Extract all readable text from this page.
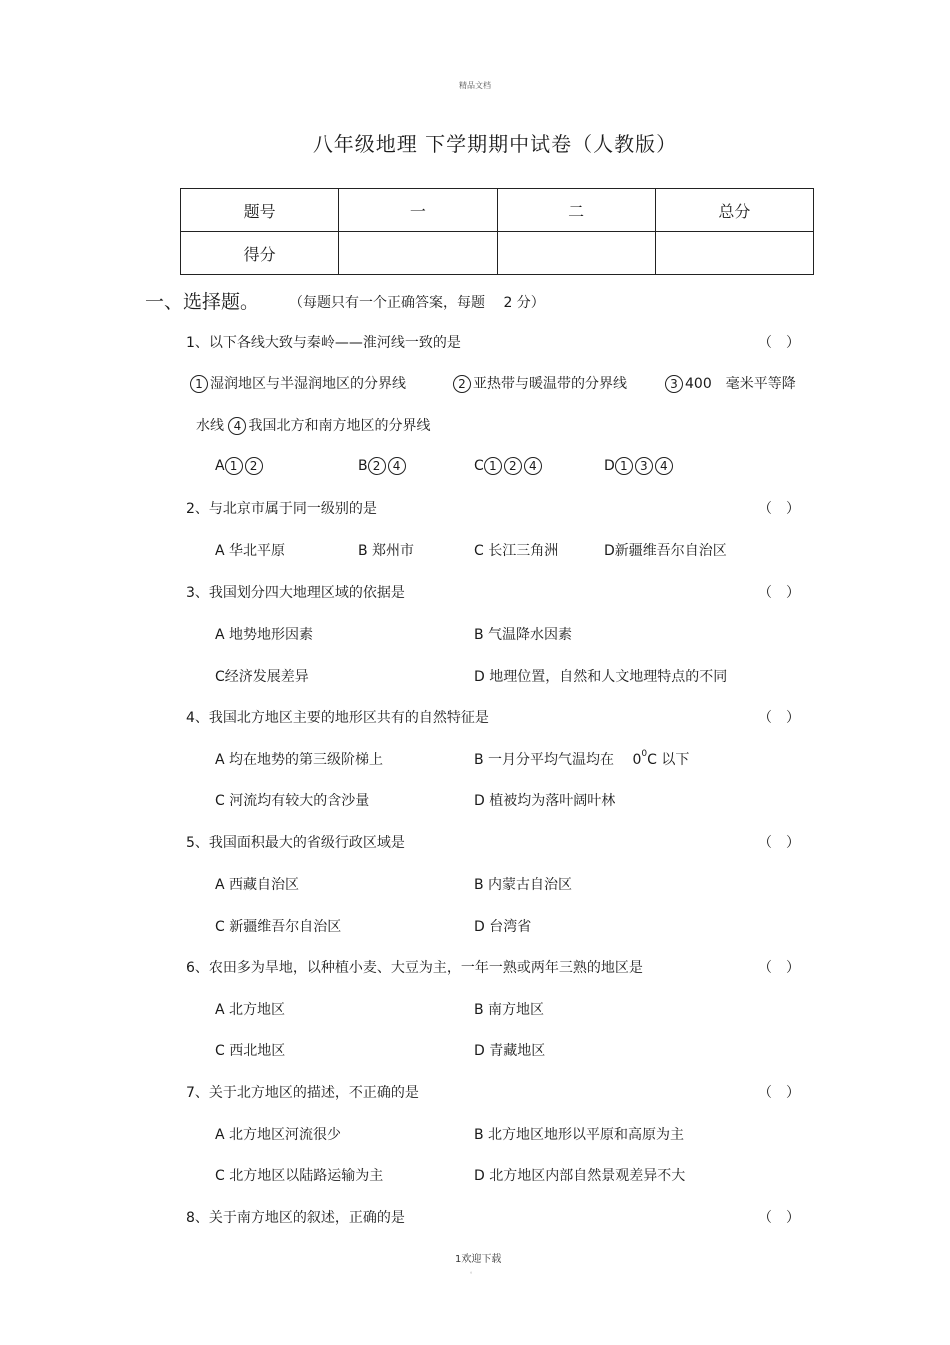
精品文档
八年级地理 下学期期中试卷（人教版）
题号	一	二	总分
得分			
一、选择题。 （每题只有一个正确答案，每题　 2 分）
1、以下各线大致与秦岭——淮河线一致的是	（　）
1 湿润地区与半湿润地区的分界线	2 亚热带与暖温带的分界线	3 400　毫米平等降
水线 4 我国北方和南方地区的分界线
A 1 2	B 2 4	C 1 2 4	D 1 3 4
2、与北京市属于同一级别的是	（　）
A 华北平原	B 郑州市	C 长江三角洲	D新疆维吾尔自治区
3、我国划分四大地理区域的依据是	（　）
A 地势地形因素	B 气温降水因素
C经济发展差异	D 地理位置，自然和人文地理特点的不同
4、我国北方地区主要的地形区共有的自然特征是	（　）
A 均在地势的第三级阶梯上	B 一月分平均气温均在　 $0^0C$ 以下
C 河流均有较大的含沙量	D 植被均为落叶阔叶林
5、我国面积最大的省级行政区域是	（　）
A 西藏自治区	B 内蒙古自治区
C 新疆维吾尔自治区	D 台湾省
6、农田多为旱地，以种植小麦、大豆为主，一年一熟或两年三熟的地区是	（　）
A 北方地区	B 南方地区
C 西北地区	D 青藏地区
7、关于北方地区的描述，不正确的是	（　）
A 北方地区河流很少	B 北方地区地形以平原和高原为主
C 北方地区以陆路运输为主	D 北方地区内部自然景观差异不大
8、关于南方地区的叙述，正确的是	（　）
1欢迎下载
。
